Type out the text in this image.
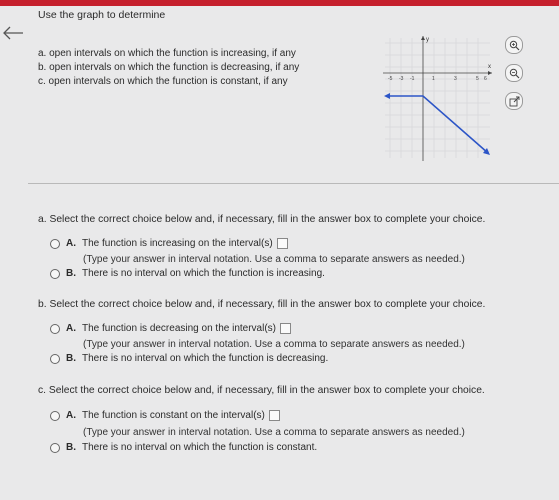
Use the graph to determine
a. open intervals on which the function is increasing, if any
b. open intervals on which the function is decreasing, if any
c. open intervals on which the function is constant, if any
y
x
-5 -3 -1	1	3	5 6
a. Select the correct choice below and, if necessary, fill in the answer box to complete your choice.
A. The function is increasing on the interval(s)
(Type your answer in interval notation. Use a comma to separate answers as needed.)
B. There is no interval on which the function is increasing.
b. Select the correct choice below and, if necessary, fill in the answer box to complete your choice.
A. The function is decreasing on the interval(s)
(Type your answer in interval notation. Use a comma to separate answers as needed.)
B. There is no interval on which the function is decreasing.
c. Select the correct choice below and, if necessary, fill in the answer box to complete your choice.
A. The function is constant on the interval(s)
(Type your answer in interval notation. Use a comma to separate answers as needed.)
B. There is no interval on which the function is constant.
